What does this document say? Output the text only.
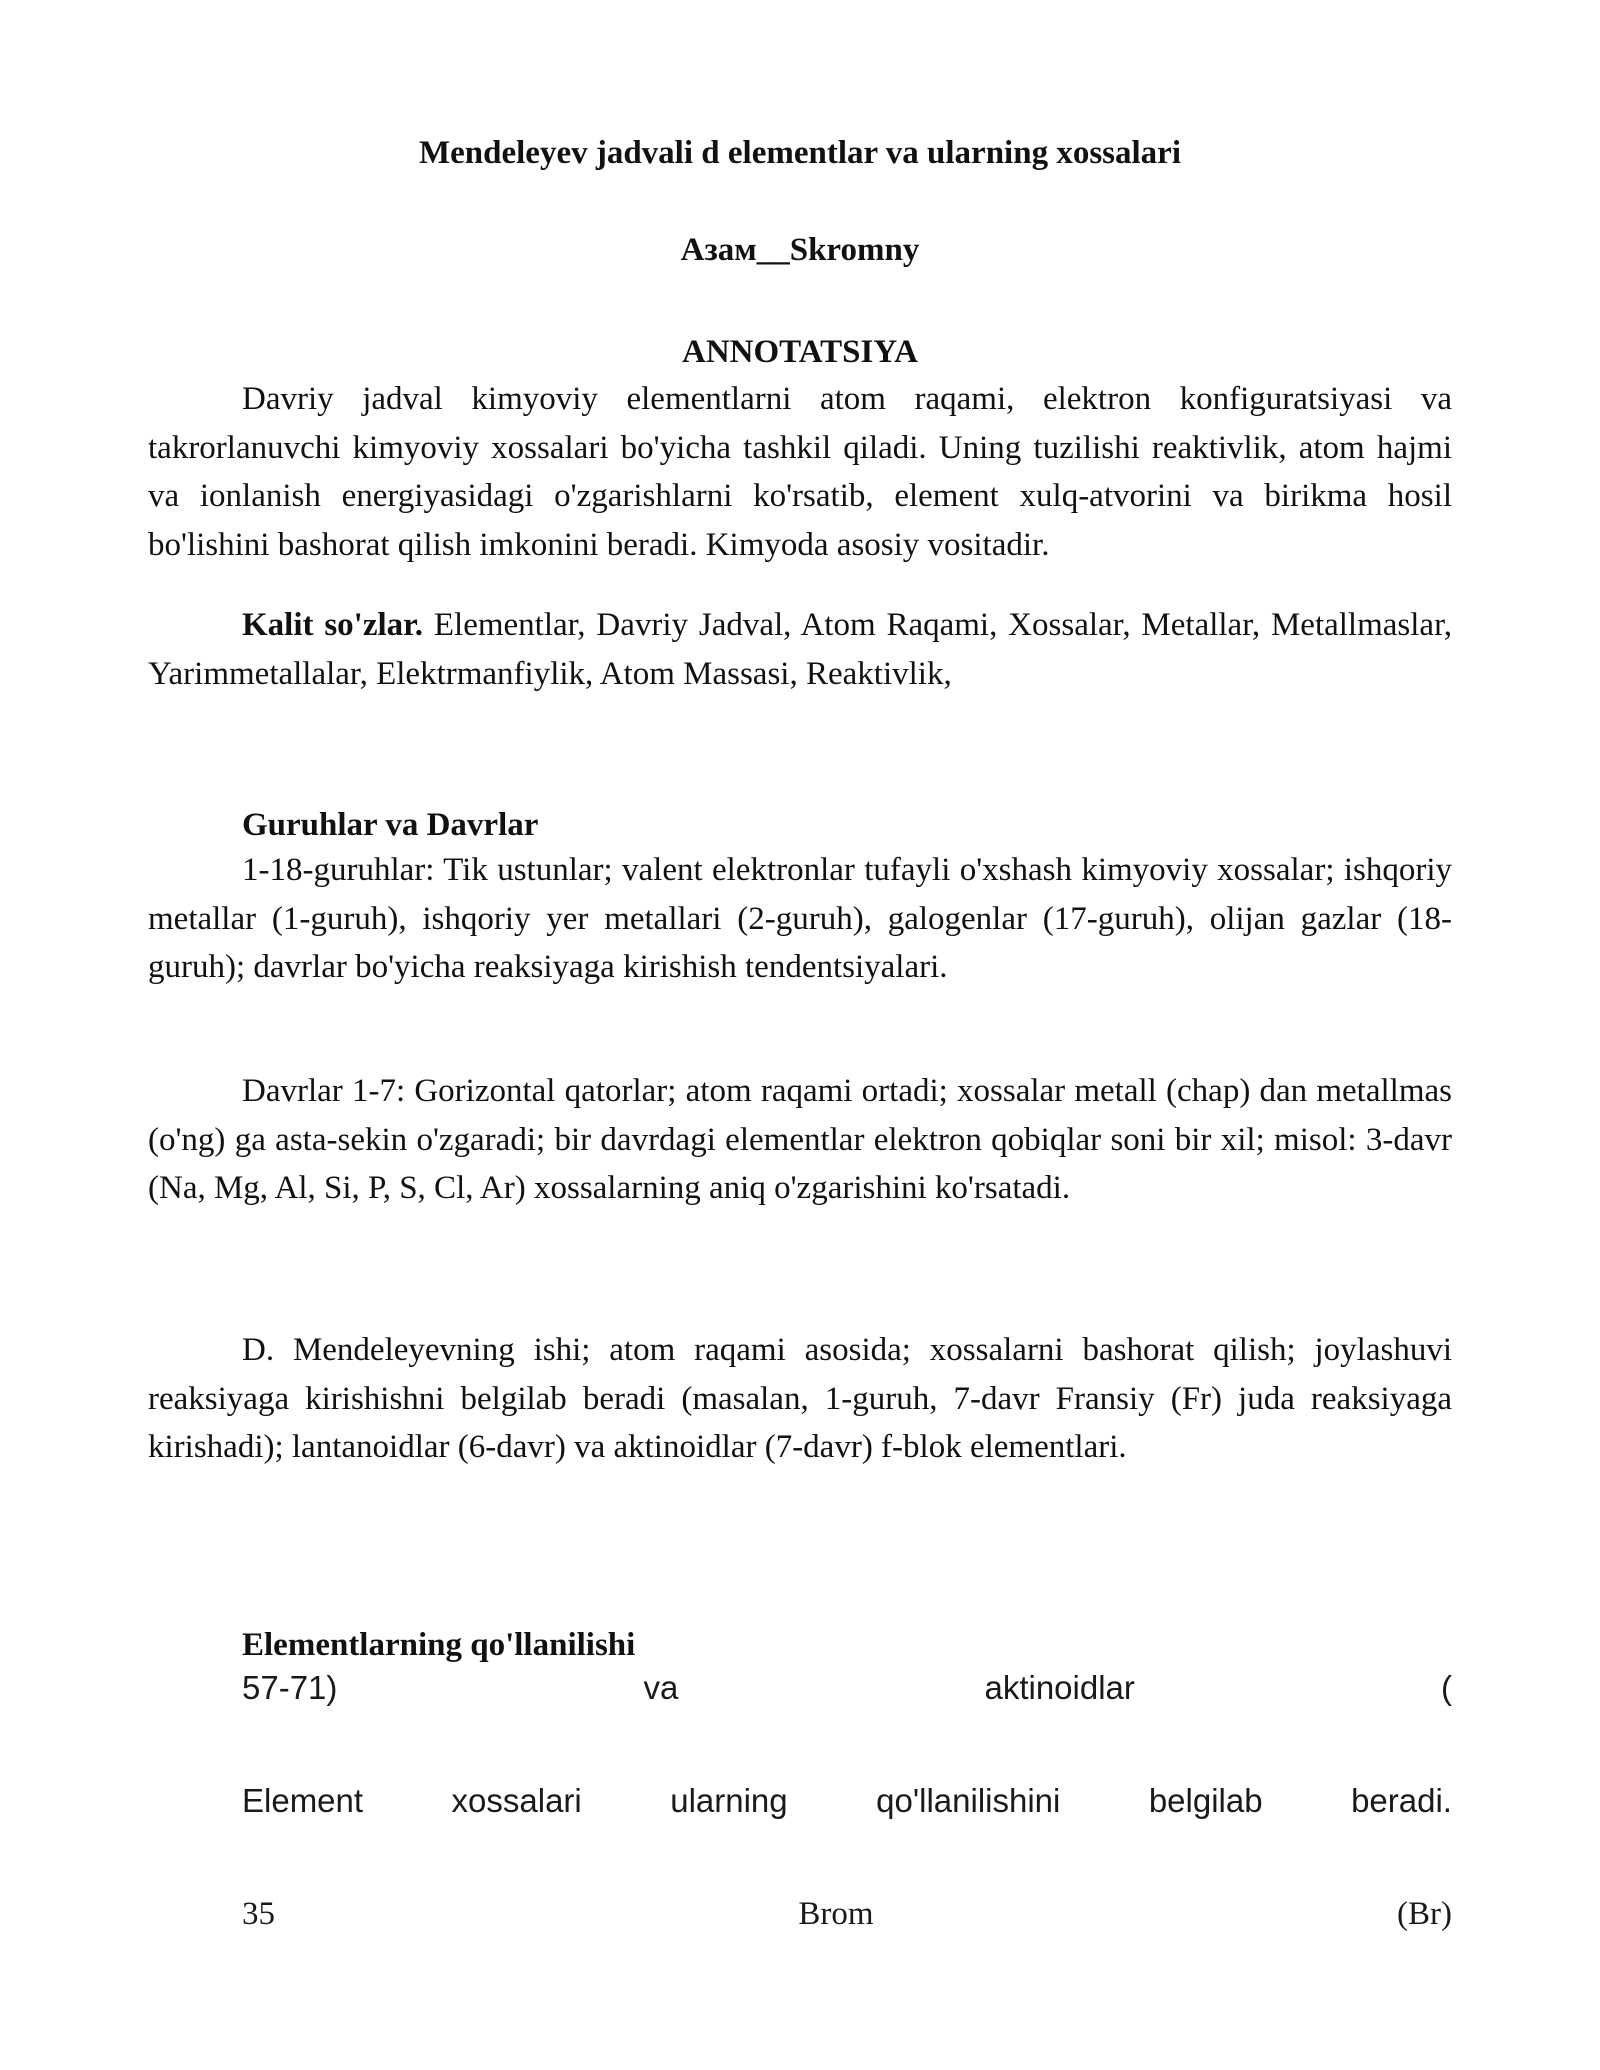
Mendeleyev jadvali d elementlar va ularning xossalari
Азам__Skromny
ANNOTATSIYA

Davriy jadval kimyoviy elementlarni atom raqami, elektron konfiguratsiyasi va takrorlanuvchi kimyoviy xossalari bo'yicha tashkil qiladi. Uning tuzilishi reaktivlik, atom hajmi va ionlanish energiyasidagi o'zgarishlarni ko'rsatib, element xulq-atvorini va birikma hosil bo'lishini bashorat qilish imkonini beradi. Kimyoda asosiy vositadir.

Kalit so'zlar. Elementlar, Davriy Jadval, Atom Raqami, Xossalar, Metallar, Metallmaslar, Yarimmetallalar, Elektrmanfiylik, Atom Massasi, Reaktivlik,

Guruhlar va Davrlar

1-18-guruhlar: Tik ustunlar; valent elektronlar tufayli o'xshash kimyoviy xossalar; ishqoriy metallar (1-guruh), ishqoriy yer metallari (2-guruh), galogenlar (17-guruh), olijan gazlar (18-guruh); davrlar bo'yicha reaksiyaga kirishish tendentsiyalari.

Davrlar 1-7: Gorizontal qatorlar; atom raqami ortadi; xossalar metall (chap) dan metallmas (o'ng) ga asta-sekin o'zgaradi; bir davrdagi elementlar elektron qobiqlar soni bir xil; misol: 3-davr (Na, Mg, Al, Si, P, S, Cl, Ar) xossalarning aniq o'zgarishini ko'rsatadi.

D. Mendeleyevning ishi; atom raqami asosida; xossalarni bashorat qilish; joylashuvi reaksiyaga kirishishni belgilab beradi (masalan, 1-guruh, 7-davr Fransiy (Fr) juda reaksiyaga kirishadi); lantanoidlar (6-davr) va aktinoidlar (7-davr) f-blok elementlari.

Elementlarning qo'llanilishi
57-71)	va	aktinoidlar	(
Element	xossalari	ularning	qo'llanilishini	belgilab	beradi.
35	Brom	(Br)
